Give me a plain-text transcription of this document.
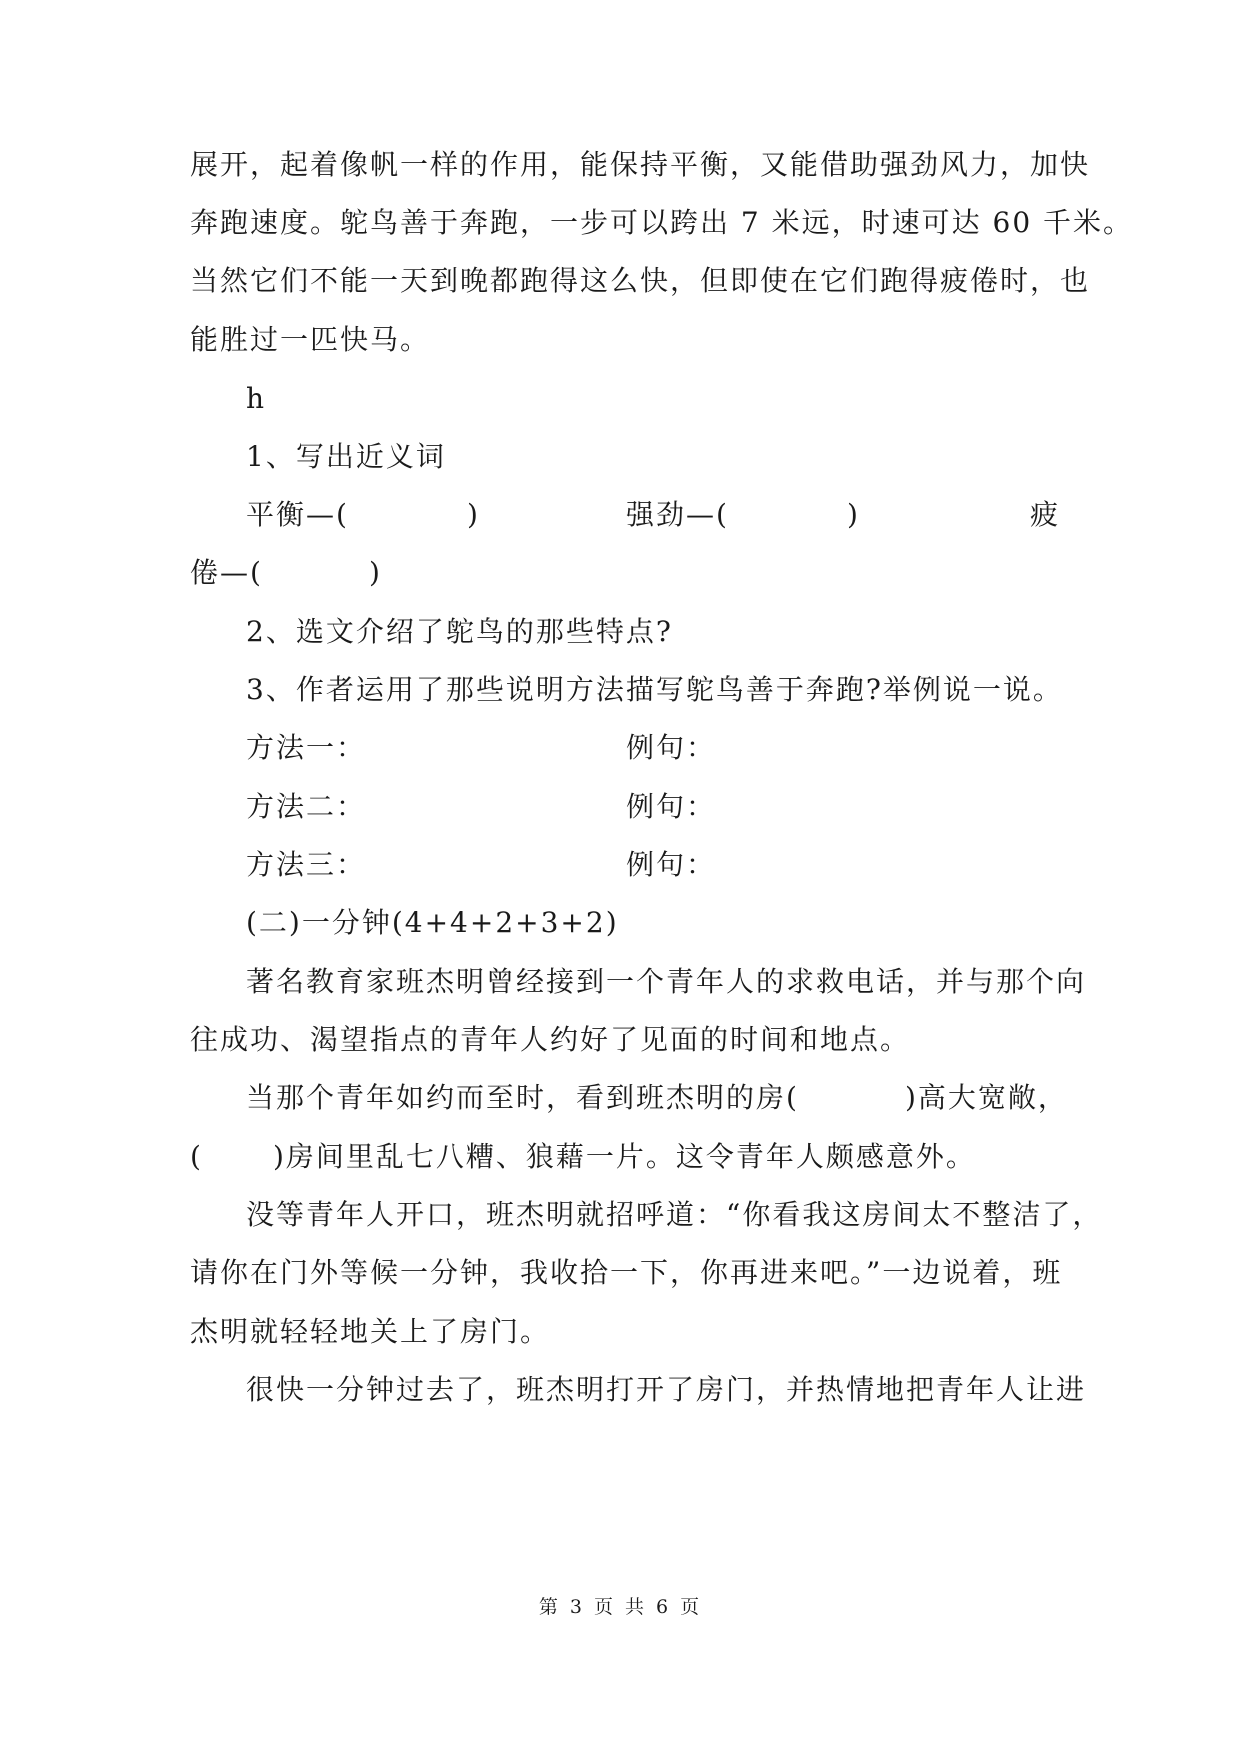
展开，起着像帆一样的作用，能保持平衡，又能借助强劲风力，加快
奔跑速度。鸵鸟善于奔跑，一步可以跨出 7 米远，时速可达 60 千米。
当然它们不能一天到晚都跑得这么快，但即使在它们跑得疲倦时，也
能胜过一匹快马。
h
1、写出近义词
平衡—(	)	强劲—(	)	疲
倦—(	)
2、选文介绍了鸵鸟的那些特点?
3、作者运用了那些说明方法描写鸵鸟善于奔跑?举例说一说。
方法一：	例句：
方法二：	例句：
方法三：	例句：
(二)一分钟(4+4+2+3+2)
著名教育家班杰明曾经接到一个青年人的求救电话，并与那个向
往成功、渴望指点的青年人约好了见面的时间和地点。
当那个青年如约而至时，看到班杰明的房(	)高大宽敞，
(	)房间里乱七八糟、狼藉一片。这令青年人颇感意外。
没等青年人开口，班杰明就招呼道：“你看我这房间太不整洁了，
请你在门外等候一分钟，我收拾一下，你再进来吧。”一边说着，班
杰明就轻轻地关上了房门。
很快一分钟过去了，班杰明打开了房门，并热情地把青年人让进
第 3 页 共 6 页
